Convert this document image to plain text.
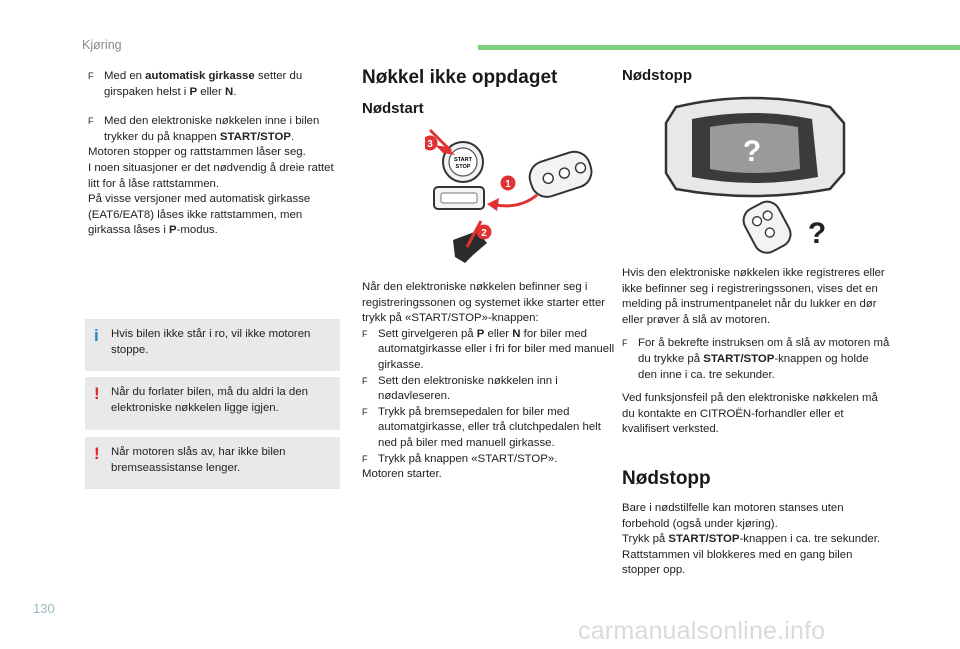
Kjøring
F Med en automatisk girkasse setter du girspaken helst i P eller N.
F Med den elektroniske nøkkelen inne i bilen trykker du på knappen START/STOP.

Motoren stopper og rattstammen låser seg.

I noen situasjoner er det nødvendig å dreie rattet litt for å låse rattstammen.

På visse versjoner med automatisk girkasse (EAT6/EAT8) låses ikke rattstammen, men girkassa låses i P-modus.

i Hvis bilen ikke står i ro, vil ikke motoren stoppe.
! Når du forlater bilen, må du aldri la den elektroniske nøkkelen ligge igjen.
! Når motoren slås av, har ikke bilen bremseassistanse lenger.
Nøkkel ikke oppdaget
Nødstart
START
STOP
3
1
2

Når den elektroniske nøkkelen befinner seg i registreringssonen og systemet ikke starter etter trykk på «START/STOP»-knappen:

F Sett girvelgeren på P eller N for biler med automatgirkasse eller i fri for biler med manuell girkasse.
F Sett den elektroniske nøkkelen inn i nødavleseren.
F Trykk på bremsepedalen for biler med automatgirkasse, eller trå clutchpedalen helt ned på biler med manuell girkasse.
F Trykk på knappen «START/STOP».

Motoren starter.

Nødstopp
?
?

Hvis den elektroniske nøkkelen ikke registreres eller ikke befinner seg i registreringssonen, vises det en melding på instrumentpanelet når du lukker en dør eller prøver å slå av motoren.

F For å bekrefte instruksen om å slå av motoren må du trykke på START/STOP-knappen og holde den inne i ca. tre sekunder.

Ved funksjonsfeil på den elektroniske nøkkelen må du kontakte en CITROËN-forhandler eller et kvalifisert verksted.

Nødstopp

Bare i nødstilfelle kan motoren stanses uten forbehold (også under kjøring).

Trykk på START/STOP-knappen i ca. tre sekunder.

Rattstammen vil blokkeres med en gang bilen stopper opp.

130
carmanualsonline.info
